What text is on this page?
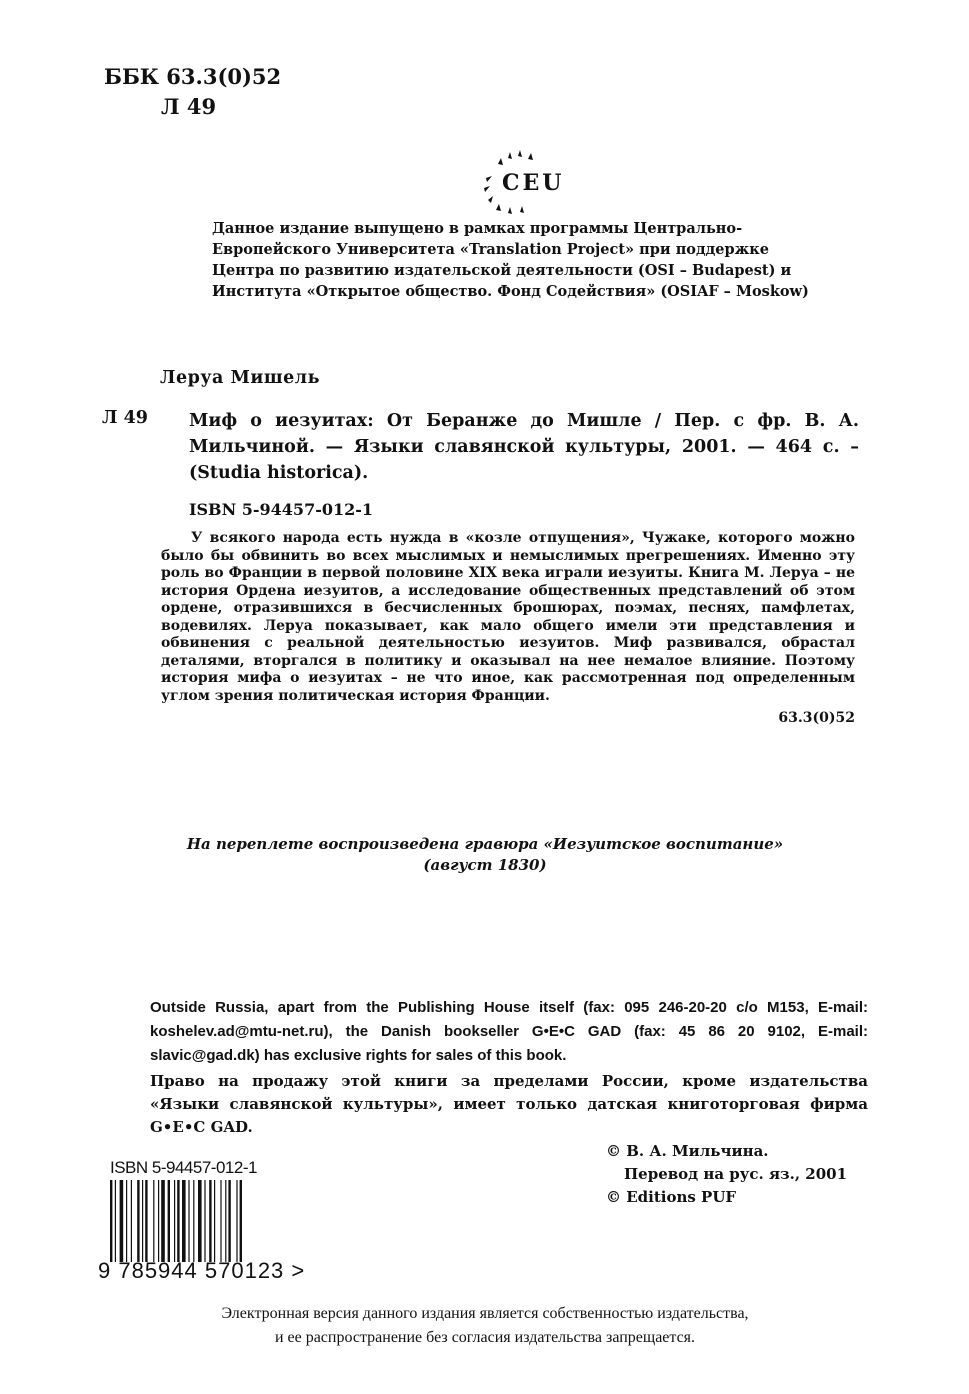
ББК 63.3(0)52
Л 49
CEU
Данное издание выпущено в рамках программы Центрально-Европейского Университета «Translation Project» при поддержке Центра по развитию издательской деятельности (OSI – Budapest) и Института «Открытое общество. Фонд Содействия» (OSIAF – Moskow)
Леруа Мишель
Л 49 Миф о иезуитах: От Беранже до Мишле / Пер. с фр. В. А. Мильчиной. — Языки славянской культуры, 2001. — 464 с. – (Studia historica).
ISBN 5-94457-012-1
У всякого народа есть нужда в «козле отпущения», Чужаке, которого можно было бы обвинить во всех мыслимых и немыслимых прегрешениях. Именно эту роль во Франции в первой половине XIX века играли иезуиты. Книга М. Леруа – не история Ордена иезуитов, а исследование общественных представлений об этом ордене, отразившихся в бесчисленных брошюрах, поэмах, песнях, памфлетах, водевилях. Леруа показывает, как мало общего имели эти представления и обвинения с реальной деятельностью иезуитов. Миф развивался, обрастал деталями, вторгался в политику и оказывал на нее немалое влияние. Поэтому история мифа о иезуитах – не что иное, как рассмотренная под определенным углом зрения политическая история Франции.
63.3(0)52
На переплете воспроизведена гравюра «Иезуитское воспитание»
(август 1830)
Outside Russia, apart from the Publishing House itself (fax: 095 246-20-20 c/o M153, E-mail: koshelev.ad@mtu-net.ru), the Danish bookseller G•E•C GAD (fax: 45 86 20 9102, E-mail: slavic@gad.dk) has exclusive rights for sales of this book.
Право на продажу этой книги за пределами России, кроме издательства «Языки славянской культуры», имеет только датская книготорговая фирма G•E•C GAD.
© В. А. Мильчина.
Перевод на рус. яз., 2001
© Editions PUF
ISBN 5-94457-012-1
9 785944 570123 >
Электронная версия данного издания является собственностью издательства,
и ее распространение без согласия издательства запрещается.
